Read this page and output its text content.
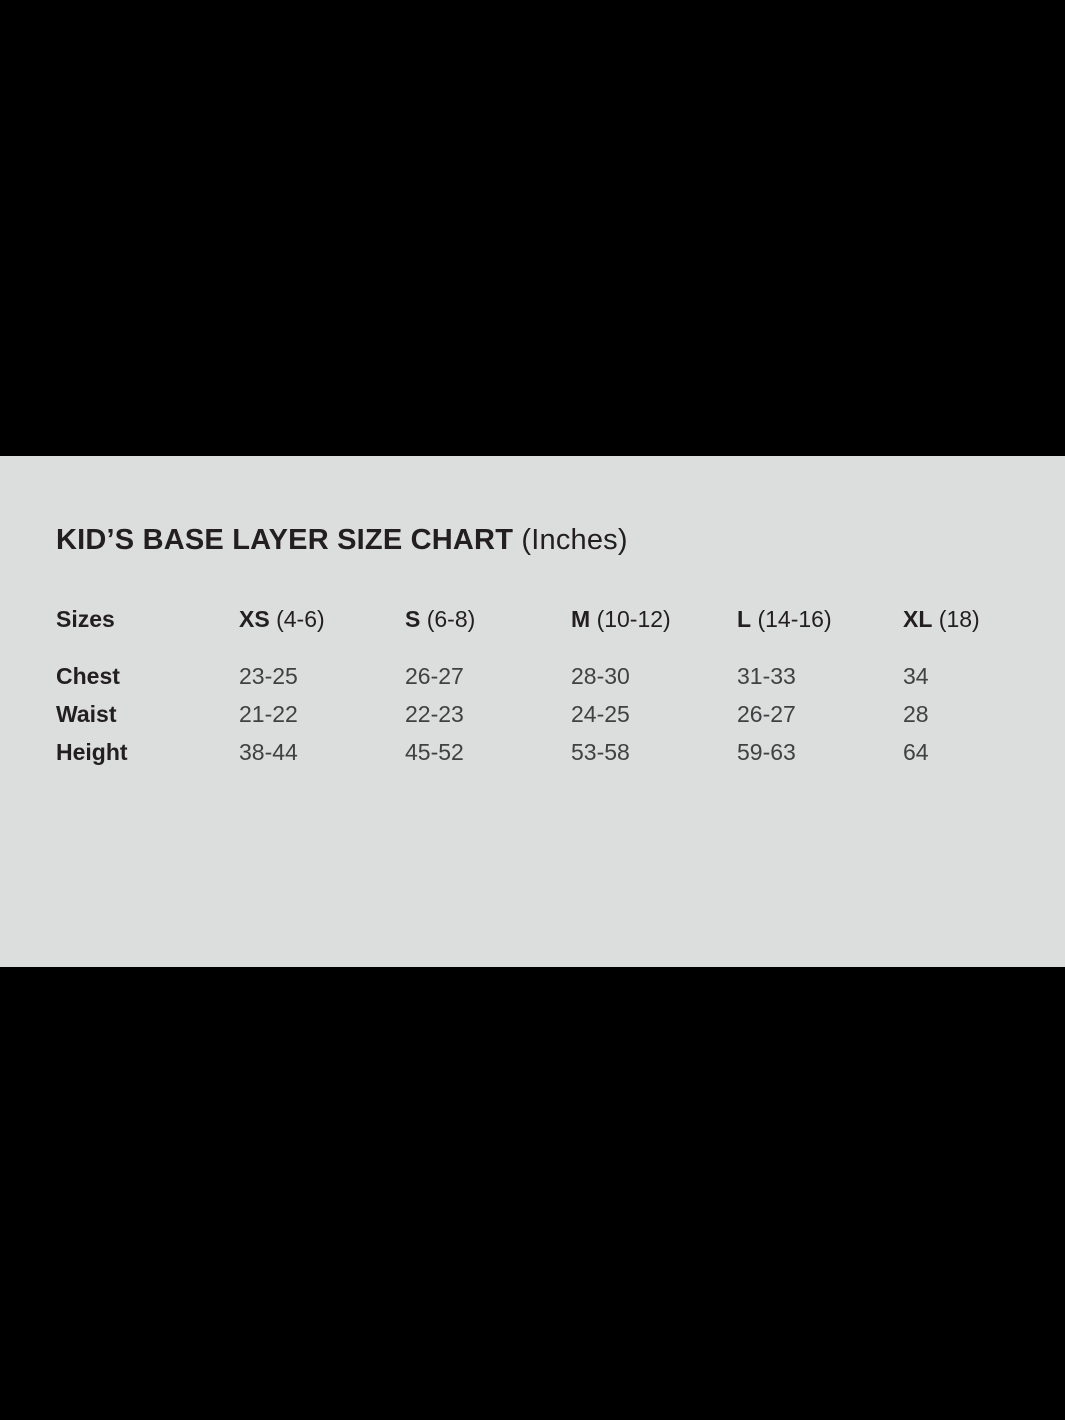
KID’S BASE LAYER SIZE CHART (Inches)
Sizes	XS (4-6)	S (6-8)	M (10-12)	L (14-16)	XL (18)
Chest	23-25	26-27	28-30	31-33	34
Waist	21-22	22-23	24-25	26-27	28
Height	38-44	45-52	53-58	59-63	64
